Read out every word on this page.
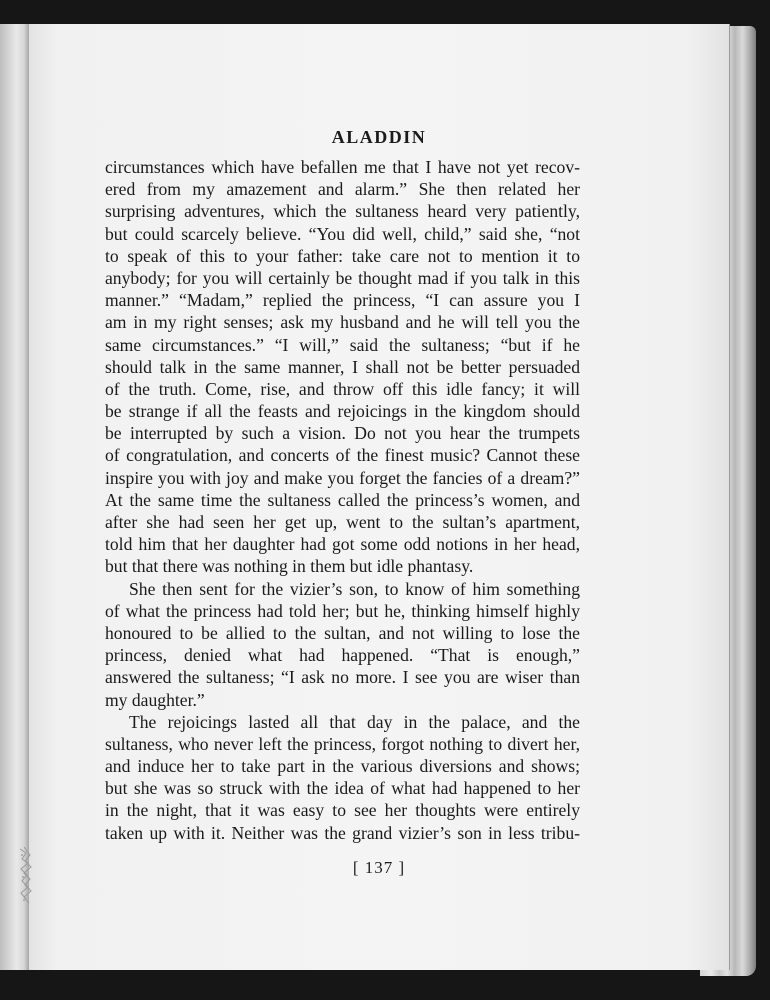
ALADDIN
circumstances which have befallen me that I have not yet recov-
ered from my amazement and alarm.” She then related her
surprising adventures, which the sultaness heard very patiently,
but could scarcely believe. “You did well, child,” said she, “not
to speak of this to your father: take care not to mention it to
anybody; for you will certainly be thought mad if you talk in this
manner.” “Madam,” replied the princess, “I can assure you I
am in my right senses; ask my husband and he will tell you the
same circumstances.” “I will,” said the sultaness; “but if he
should talk in the same manner, I shall not be better persuaded
of the truth. Come, rise, and throw off this idle fancy; it will
be strange if all the feasts and rejoicings in the kingdom should
be interrupted by such a vision. Do not you hear the trumpets
of congratulation, and concerts of the finest music? Cannot these
inspire you with joy and make you forget the fancies of a dream?”
At the same time the sultaness called the princess’s women, and
after she had seen her get up, went to the sultan’s apartment,
told him that her daughter had got some odd notions in her head,
but that there was nothing in them but idle phantasy.
She then sent for the vizier’s son, to know of him something
of what the princess had told her; but he, thinking himself highly
honoured to be allied to the sultan, and not willing to lose the
princess, denied what had happened. “That is enough,”
answered the sultaness; “I ask no more. I see you are wiser than
my daughter.”
The rejoicings lasted all that day in the palace, and the
sultaness, who never left the princess, forgot nothing to divert her,
and induce her to take part in the various diversions and shows;
but she was so struck with the idea of what had happened to her
in the night, that it was easy to see her thoughts were entirely
taken up with it. Neither was the grand vizier’s son in less tribu-
[ 137 ]
